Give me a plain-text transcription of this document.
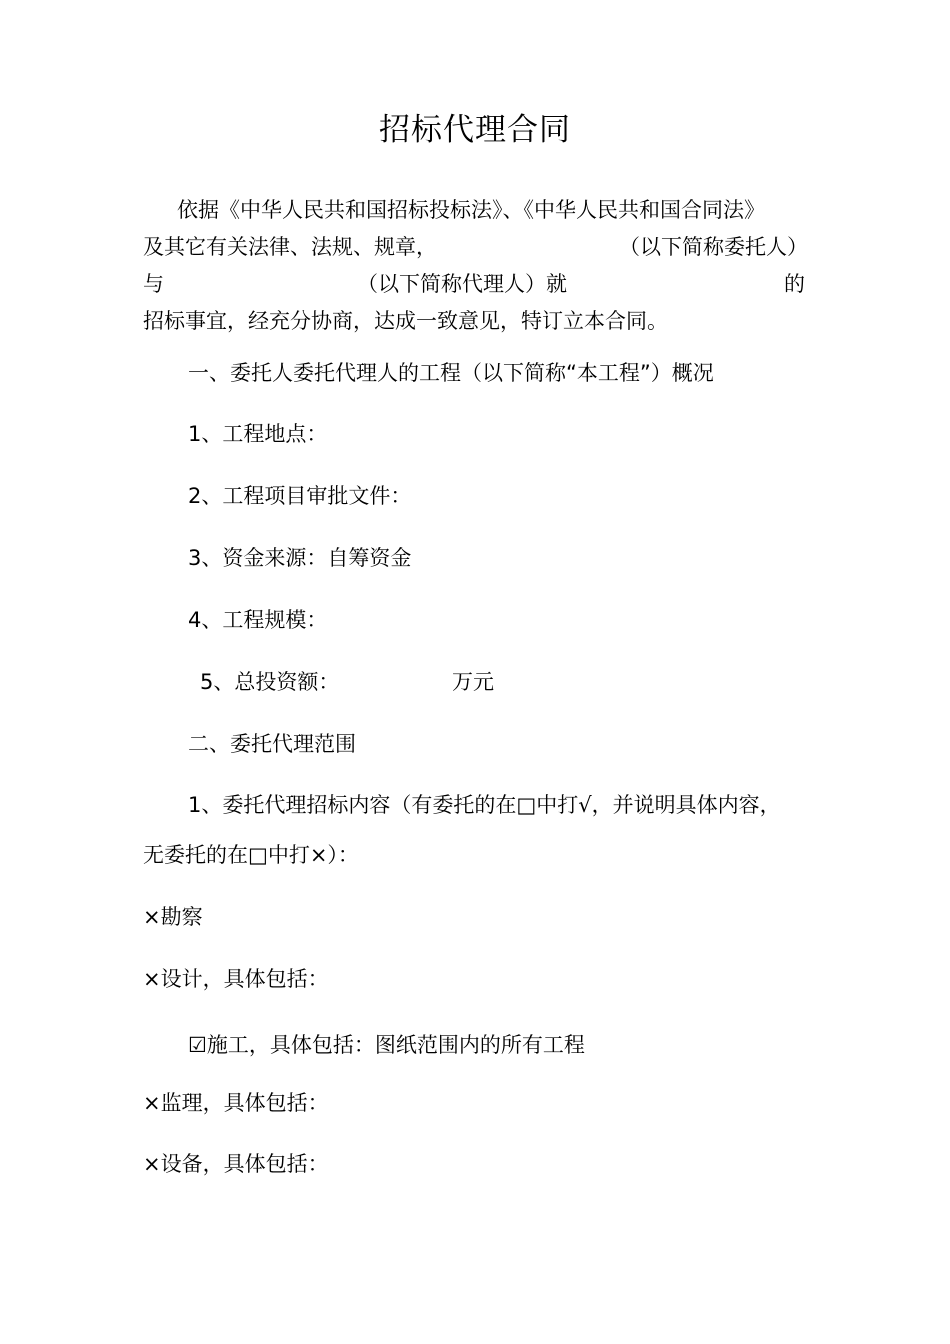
招标代理合同
依据《中华人民共和国招标投标法》、《中华人民共和国合同法》
及其它有关法律、法规、规章，	（以下简称委托人）
与	（以下简称代理人）就	的
招标事宜，经充分协商，达成一致意见，特订立本合同。
一、委托人委托代理人的工程（以下简称“本工程”）概况
1、工程地点：
2、工程项目审批文件：
3、资金来源：自筹资金
4、工程规模：
5、总投资额：	万元
二、委托代理范围
1、委托代理招标内容（有委托的在□中打√，并说明具体内容，
无委托的在□中打×）：
×勘察
×设计，具体包括：
☑施工，具体包括：图纸范围内的所有工程
×监理，具体包括：
×设备，具体包括：
